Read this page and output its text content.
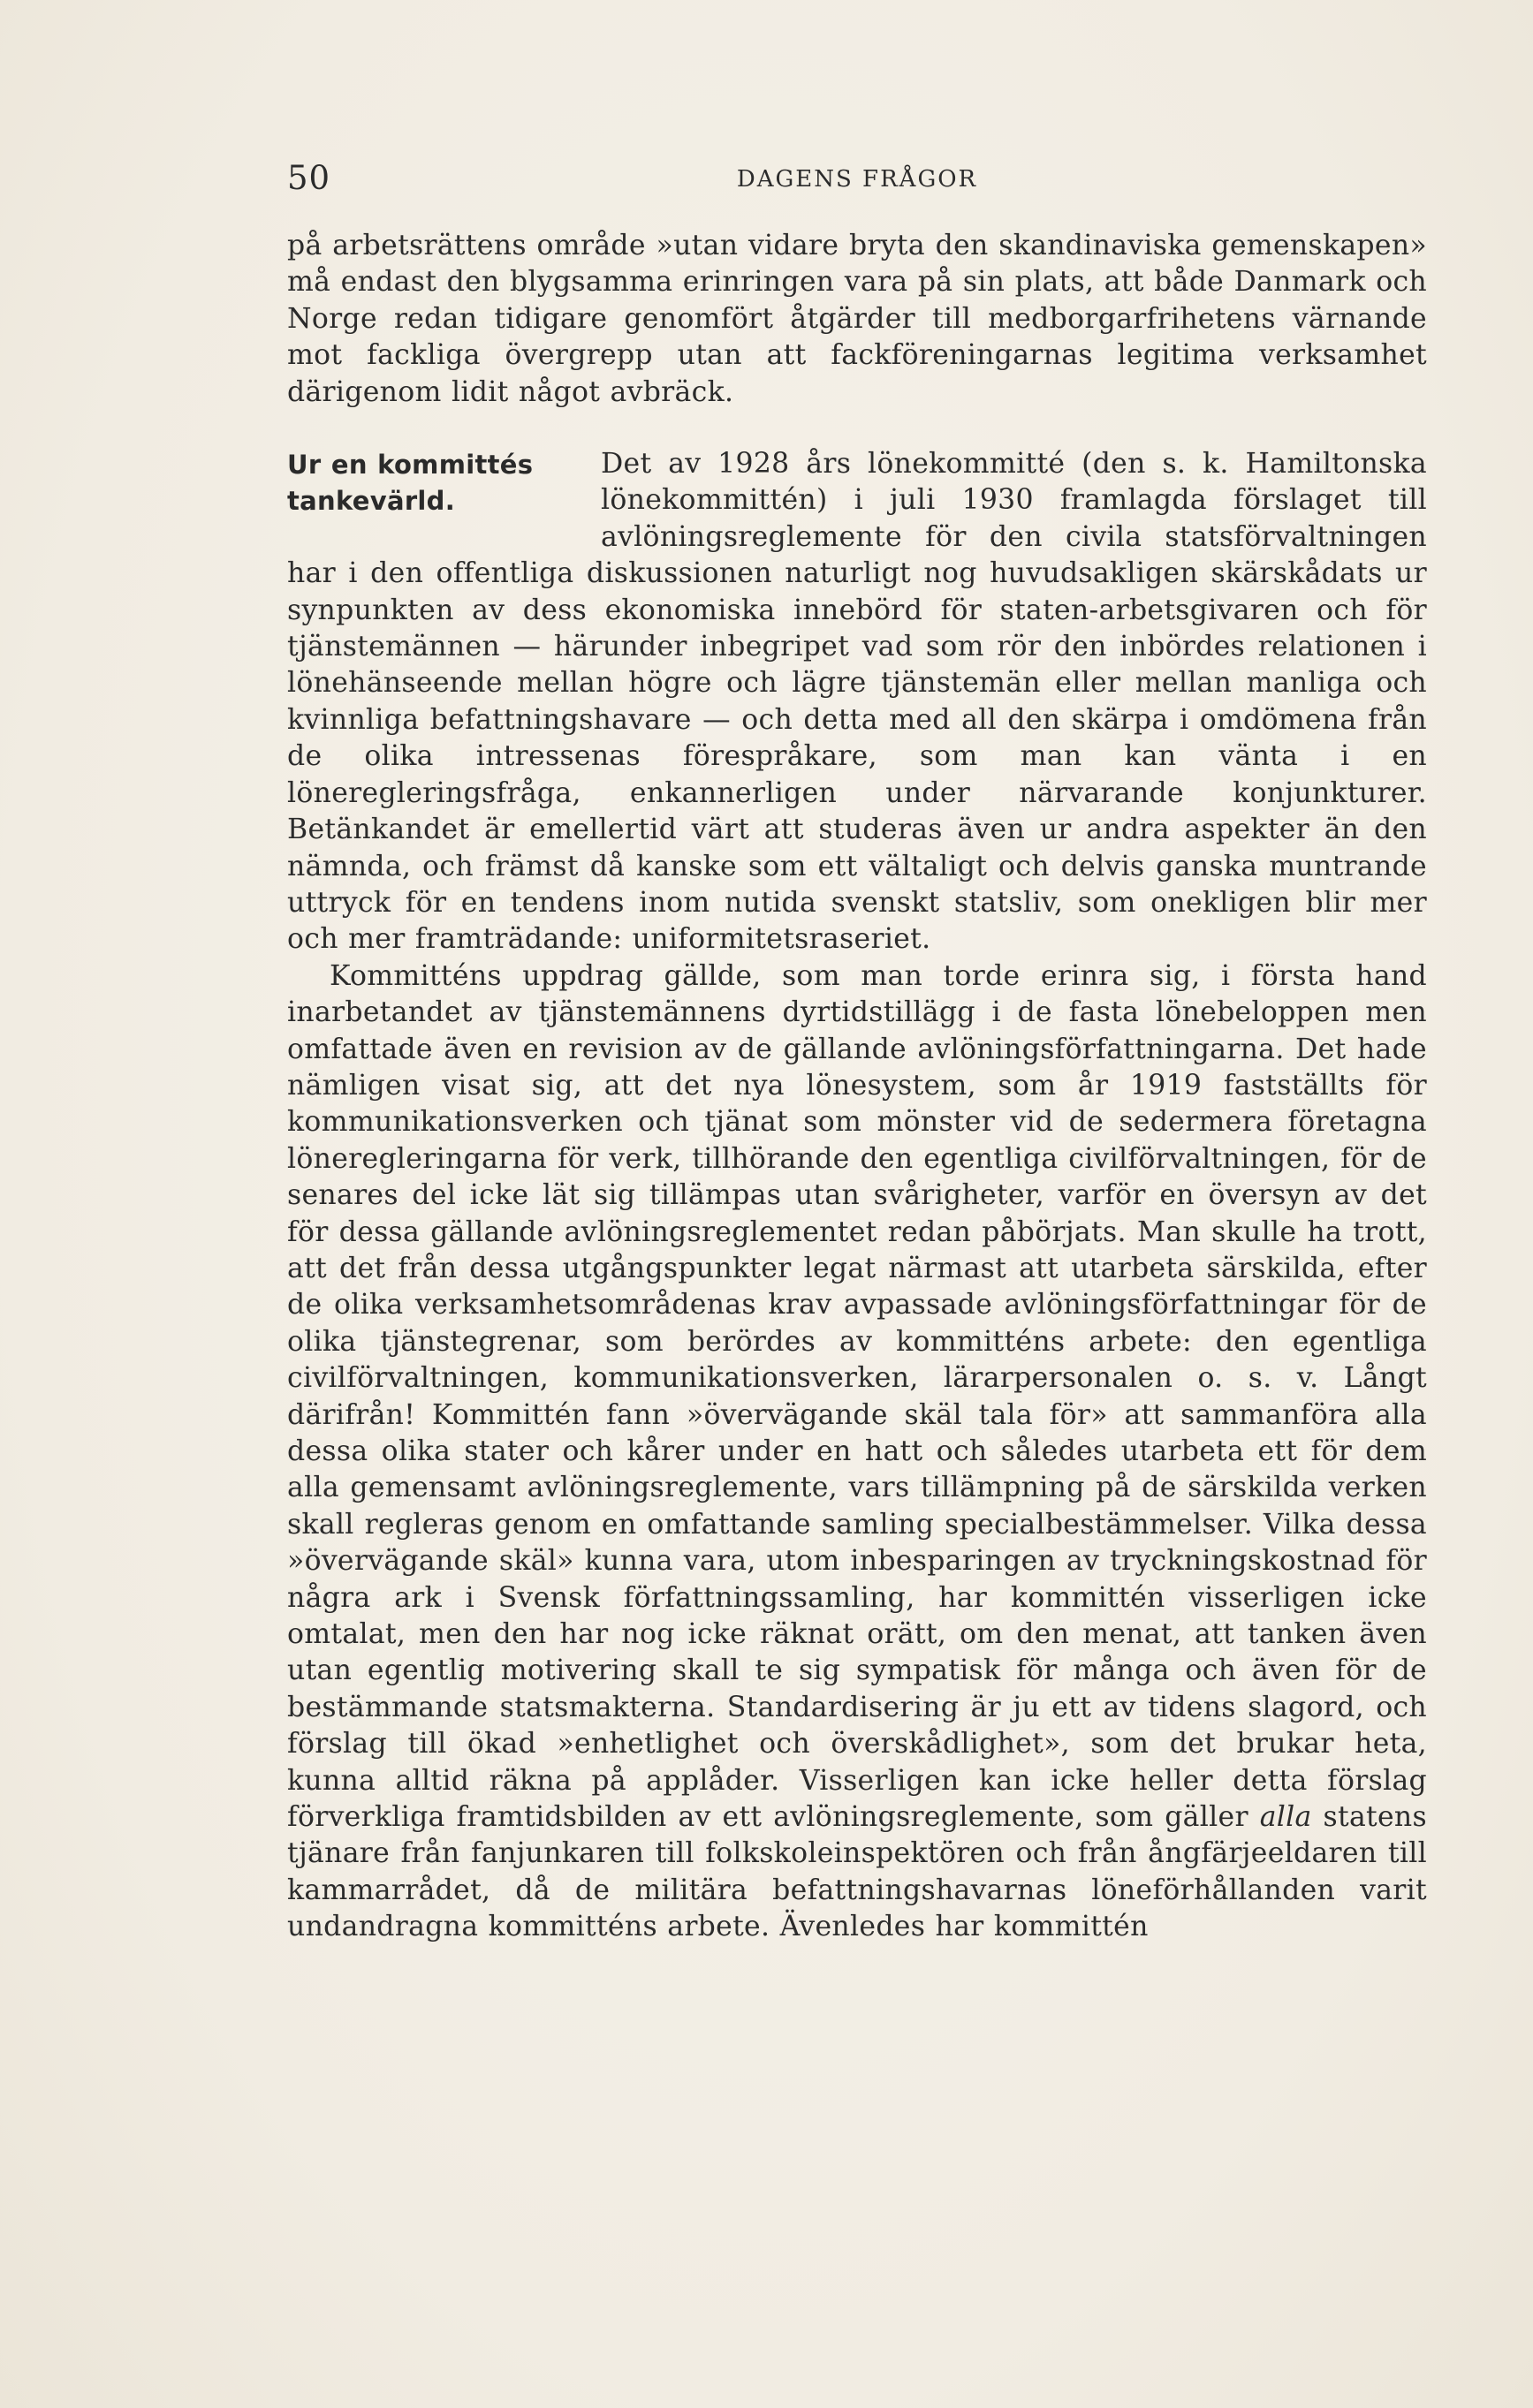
50	DAGENS FRÅGOR

på arbetsrättens område »utan vidare bryta den skandinaviska gemenskapen» må endast den blygsamma erinringen vara på sin plats, att både Danmark och Norge redan tidigare genomfört åtgärder till medborgarfrihetens värnande mot fackliga övergrepp utan att fackföreningarnas legitima verksamhet därigenom lidit något avbräck.

Ur en kommittés
tankevärld.

Det av 1928 års lönekommitté (den s. k. Hamiltonska lönekommittén) i juli 1930 framlagda förslaget till avlöningsreglemente för den civila statsförvaltningen har i den offentliga diskussionen naturligt nog huvudsakligen skärskådats ur synpunkten av dess ekonomiska innebörd för staten-arbetsgivaren och för tjänstemännen — härunder inbegripet vad som rör den inbördes relationen i lönehänseende mellan högre och lägre tjänstemän eller mellan manliga och kvinnliga befattningshavare — och detta med all den skärpa i omdömena från de olika intressenas förespråkare, som man kan vänta i en löneregleringsfråga, enkannerligen under närvarande konjunkturer. Betänkandet är emellertid värt att studeras även ur andra aspekter än den nämnda, och främst då kanske som ett vältaligt och delvis ganska muntrande uttryck för en tendens inom nutida svenskt statsliv, som onekligen blir mer och mer framträdande: uniformitetsraseriet.

Kommitténs uppdrag gällde, som man torde erinra sig, i första hand inarbetandet av tjänstemännens dyrtidstillägg i de fasta lönebeloppen men omfattade även en revision av de gällande avlöningsförfattningarna. Det hade nämligen visat sig, att det nya lönesystem, som år 1919 fastställts för kommunikationsverken och tjänat som mönster vid de sedermera företagna löneregleringarna för verk, tillhörande den egentliga civilförvaltningen, för de senares del icke lät sig tillämpas utan svårigheter, varför en översyn av det för dessa gällande avlöningsreglementet redan påbörjats. Man skulle ha trott, att det från dessa utgångspunkter legat närmast att utarbeta särskilda, efter de olika verksamhetsområdenas krav avpassade avlöningsförfattningar för de olika tjänstegrenar, som berördes av kommitténs arbete: den egentliga civilförvaltningen, kommunikationsverken, lärarpersonalen o. s. v. Långt därifrån! Kommittén fann »övervägande skäl tala för» att sammanföra alla dessa olika stater och kårer under en hatt och således utarbeta ett för dem alla gemensamt avlöningsreglemente, vars tillämpning på de särskilda verken skall regleras genom en omfattande samling specialbestämmelser. Vilka dessa »övervägande skäl» kunna vara, utom inbesparingen av tryckningskostnad för några ark i Svensk författningssamling, har kommittén visserligen icke omtalat, men den har nog icke räknat orätt, om den menat, att tanken även utan egentlig motivering skall te sig sympatisk för många och även för de bestämmande statsmakterna. Standardisering är ju ett av tidens slagord, och förslag till ökad »enhetlighet och överskådlighet», som det brukar heta, kunna alltid räkna på applåder. Visserligen kan icke heller detta förslag förverkliga framtidsbilden av ett avlöningsreglemente, som gäller alla statens tjänare från fanjunkaren till folkskoleinspektören och från ångfärjeeldaren till kammarrådet, då de militära befattningshavarnas löneförhållanden varit undandragna kommitténs arbete. Ävenledes har kommittén
